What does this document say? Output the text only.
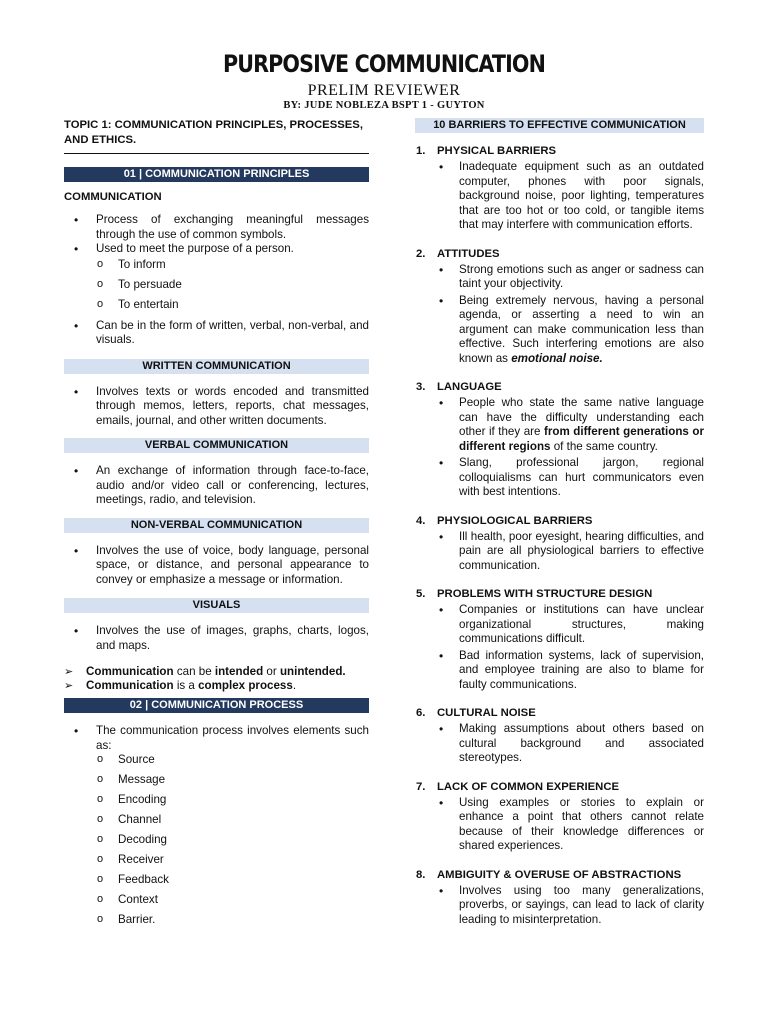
PURPOSIVE COMMUNICATION
PRELIM REVIEWER
BY: JUDE NOBLEZA BSPT 1 - GUYTON
TOPIC 1: COMMUNICATION PRINCIPLES, PROCESSES, AND ETHICS.
01 | COMMUNICATION PRINCIPLES
COMMUNICATION
• Process of exchanging meaningful messages through the use of common symbols.
• Used to meet the purpose of a person.
o To inform
o To persuade
o To entertain
• Can be in the form of written, verbal, non-verbal, and visuals.
WRITTEN COMMUNICATION
• Involves texts or words encoded and transmitted through memos, letters, reports, chat messages, emails, journal, and other written documents.
VERBAL COMMUNICATION
• An exchange of information through face-to-face, audio and/or video call or conferencing, lectures, meetings, radio, and television.
NON-VERBAL COMMUNICATION
• Involves the use of voice, body language, personal space, or distance, and personal appearance to convey or emphasize a message or information.
VISUALS
• Involves the use of images, graphs, charts, logos, and maps.
➢ Communication can be intended or unintended.
➢ Communication is a complex process.
02 | COMMUNICATION PROCESS
• The communication process involves elements such as:
o Source
o Message
o Encoding
o Channel
o Decoding
o Receiver
o Feedback
o Context
o Barrier.
10 BARRIERS TO EFFECTIVE COMMUNICATION
1. PHYSICAL BARRIERS
• Inadequate equipment such as an outdated computer, phones with poor signals, background noise, poor lighting, temperatures that are too hot or too cold, or tangible items that may interfere with communication efforts.
2. ATTITUDES
• Strong emotions such as anger or sadness can taint your objectivity.
• Being extremely nervous, having a personal agenda, or asserting a need to win an argument can make communication less than effective. Such interfering emotions are also known as emotional noise.
3. LANGUAGE
• People who state the same native language can have the difficulty understanding each other if they are from different generations or different regions of the same country.
• Slang, professional jargon, regional colloquialisms can hurt communicators even with best intentions.
4. PHYSIOLOGICAL BARRIERS
• Ill health, poor eyesight, hearing difficulties, and pain are all physiological barriers to effective communication.
5. PROBLEMS WITH STRUCTURE DESIGN
• Companies or institutions can have unclear organizational structures, making communications difficult.
• Bad information systems, lack of supervision, and employee training are also to blame for faulty communications.
6. CULTURAL NOISE
• Making assumptions about others based on cultural background and associated stereotypes.
7. LACK OF COMMON EXPERIENCE
• Using examples or stories to explain or enhance a point that others cannot relate because of their knowledge differences or shared experiences.
8. AMBIGUITY & OVERUSE OF ABSTRACTIONS
• Involves using too many generalizations, proverbs, or sayings, can lead to lack of clarity leading to misinterpretation.
